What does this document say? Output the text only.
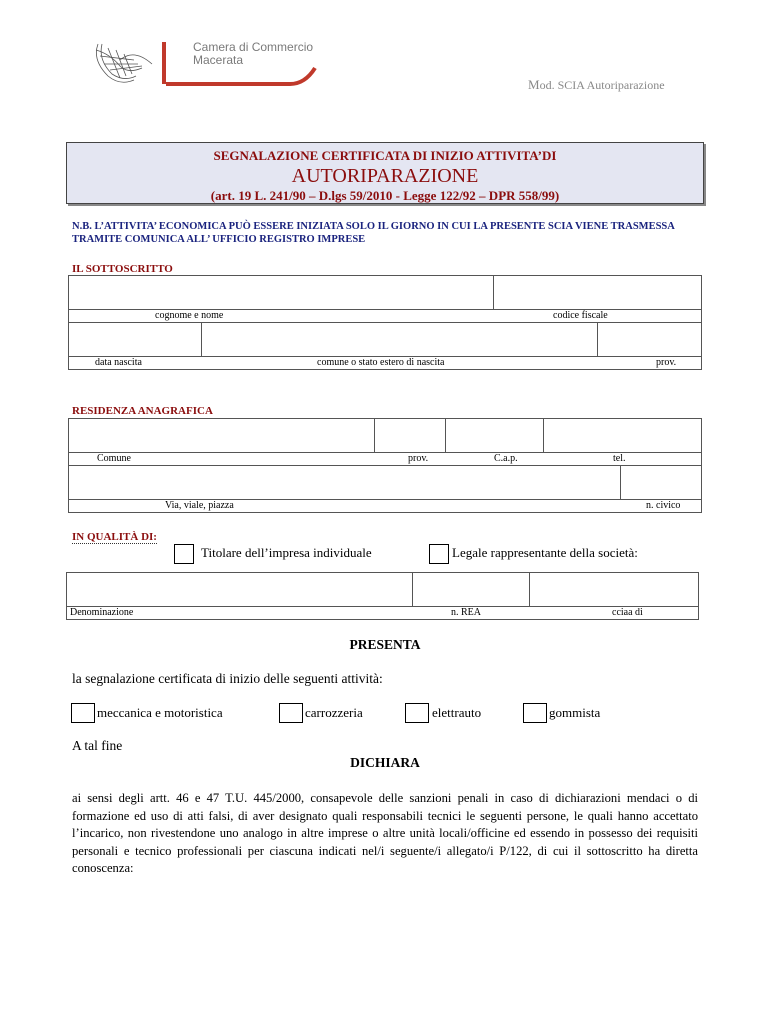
Camera di Commercio
Macerata
Mod. SCIA Autoriparazione
SEGNALAZIONE CERTIFICATA DI INIZIO ATTIVITA’DI
AUTORIPARAZIONE
(art. 19 L. 241/90 – D.lgs 59/2010 - Legge 122/92 – DPR 558/99)
N.B. L’ATTIVITA’ ECONOMICA PUÒ ESSERE INIZIATA SOLO IL GIORNO IN CUI LA PRESENTE SCIA VIENE TRASMESSA TRAMITE COMUNICA ALL’ UFFICIO REGISTRO IMPRESE
IL SOTTOSCRITTO
cognome e nome	codice fiscale
data nascita	comune o stato estero di nascita	prov.
RESIDENZA ANAGRAFICA
Comune	prov.	C.a.p.	tel.
Via, viale, piazza	n. civico
IN QUALITÀ DI:
Titolare dell’impresa individuale	Legale rappresentante della società:
Denominazione	n. REA	cciaa di
PRESENTA
la segnalazione certificata di inizio delle seguenti attività:
meccanica e motoristica	carrozzeria	elettrauto	gommista
A tal fine
DICHIARA
ai sensi degli artt. 46 e 47 T.U. 445/2000, consapevole delle sanzioni penali in caso di dichiarazioni mendaci o di formazione ed uso di atti falsi, di aver designato quali responsabili tecnici le seguenti persone, le quali hanno accettato l’incarico, non rivestendone uno analogo in altre imprese o altre unità locali/officine ed essendo in possesso dei requisiti personali e tecnico professionali per ciascuna indicati nel/i seguente/i allegato/i P/122, di cui il sottoscritto ha diretta conoscenza:
